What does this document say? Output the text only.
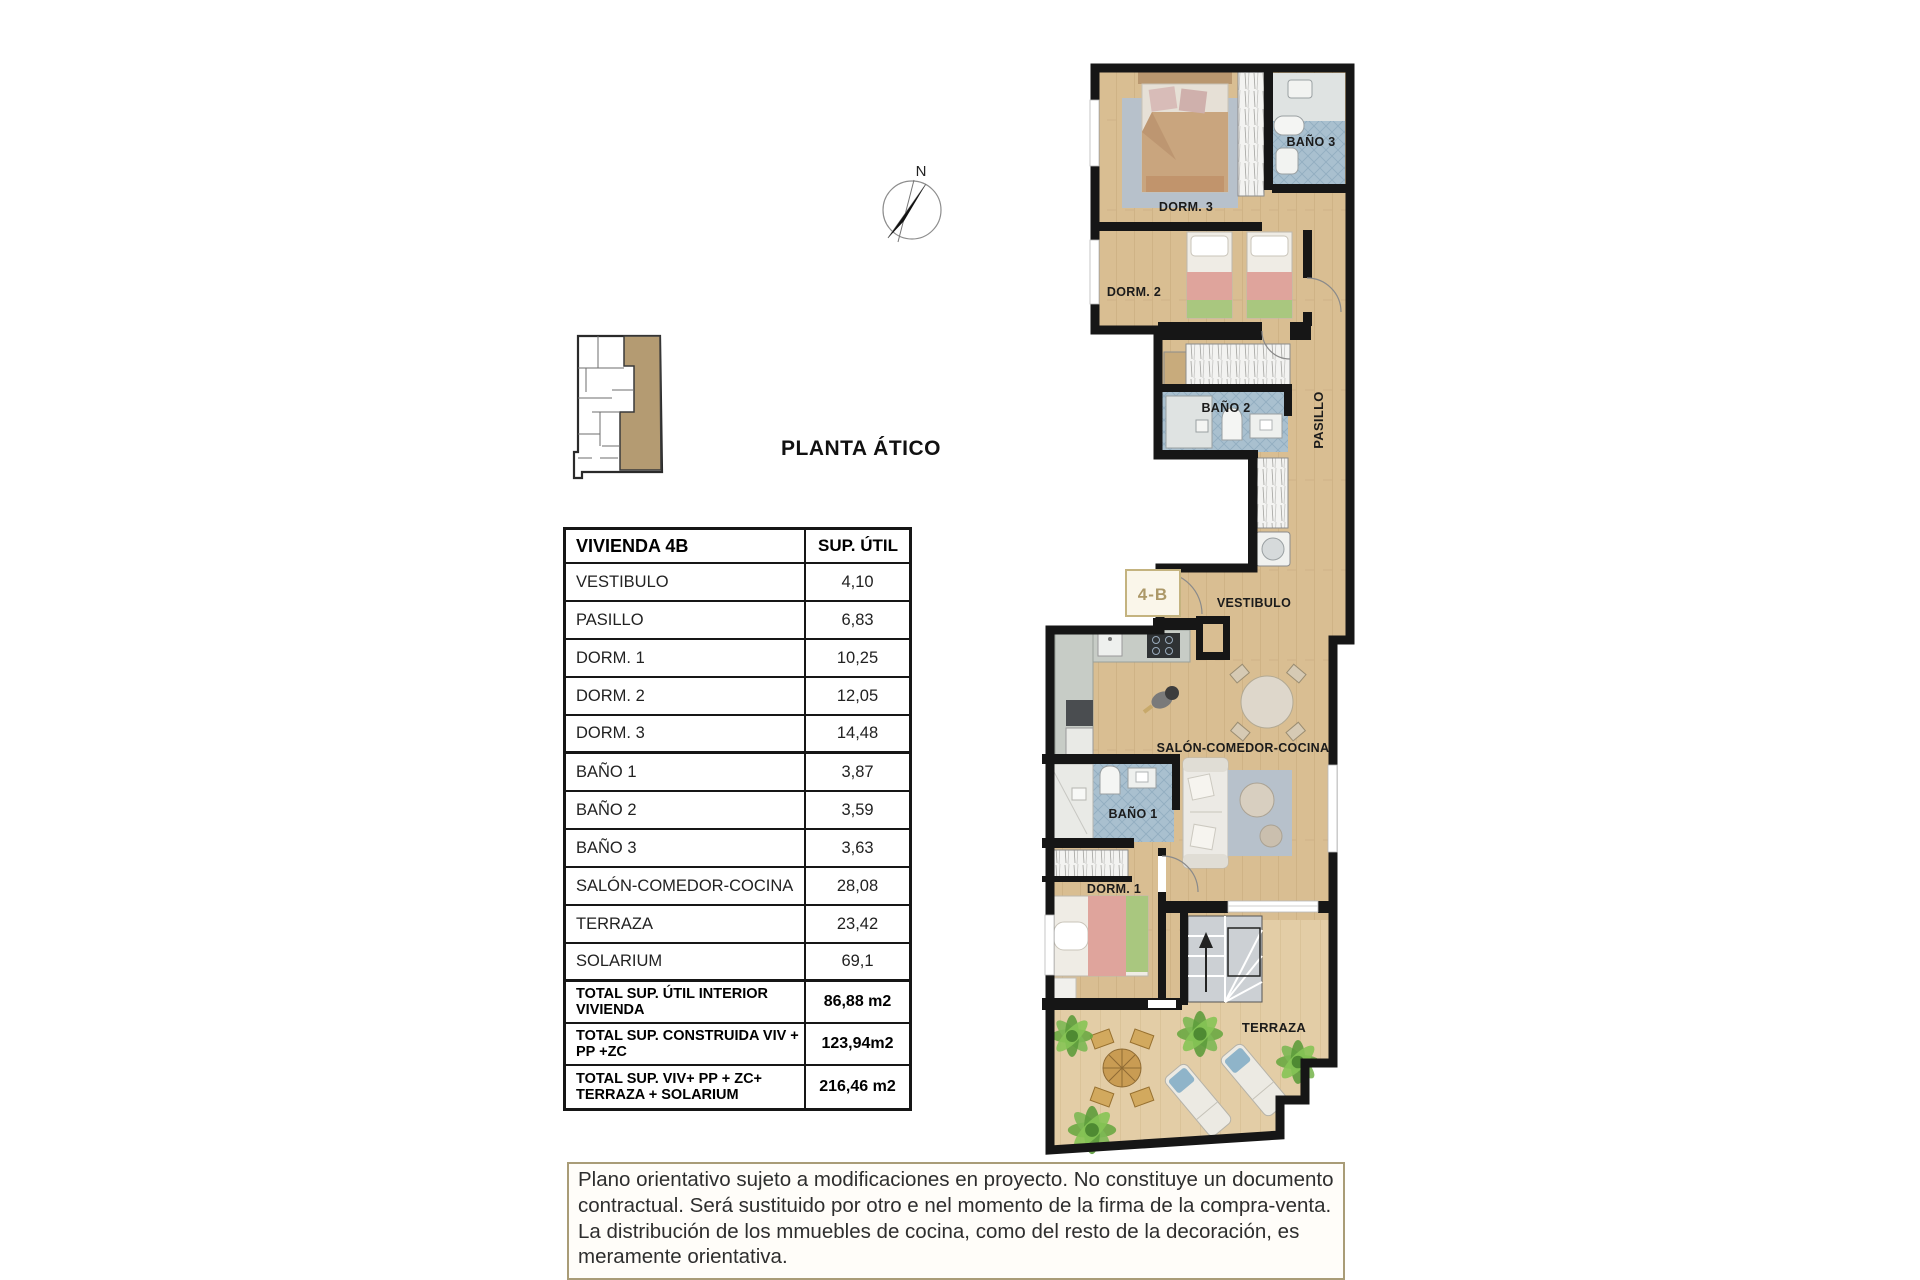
N
PLANTA ÁTICO
VIVIENDA 4B	SUP. ÚTIL
VESTIBULO	4,10
PASILLO	6,83
DORM. 1	10,25
DORM. 2	12,05
DORM. 3	14,48
BAÑO 1	3,87
BAÑO 2	3,59
BAÑO 3	3,63
SALÓN-COMEDOR-COCINA	28,08
TERRAZA	23,42
SOLARIUM	69,1
TOTAL SUP. ÚTIL INTERIOR VIVIENDA	86,88 m2
TOTAL SUP. CONSTRUIDA VIV + PP +ZC	123,94m2
TOTAL SUP. VIV+ PP + ZC+ TERRAZA + SOLARIUM	216,46 m2
4-B
DORM. 3
BAÑO 3
DORM. 2
BAÑO 2	PASILLO
VESTIBULO
SALÓN-COMEDOR-COCINA
BAÑO 1
DORM. 1
TERRAZA
Plano orientativo sujeto a modificaciones en proyecto. No constituye un documento contractual. Será sustituido por otro e nel momento de la firma de la compra-venta. La distribución de los mmuebles de cocina, como del resto de la decoración, es meramente orientativa.
